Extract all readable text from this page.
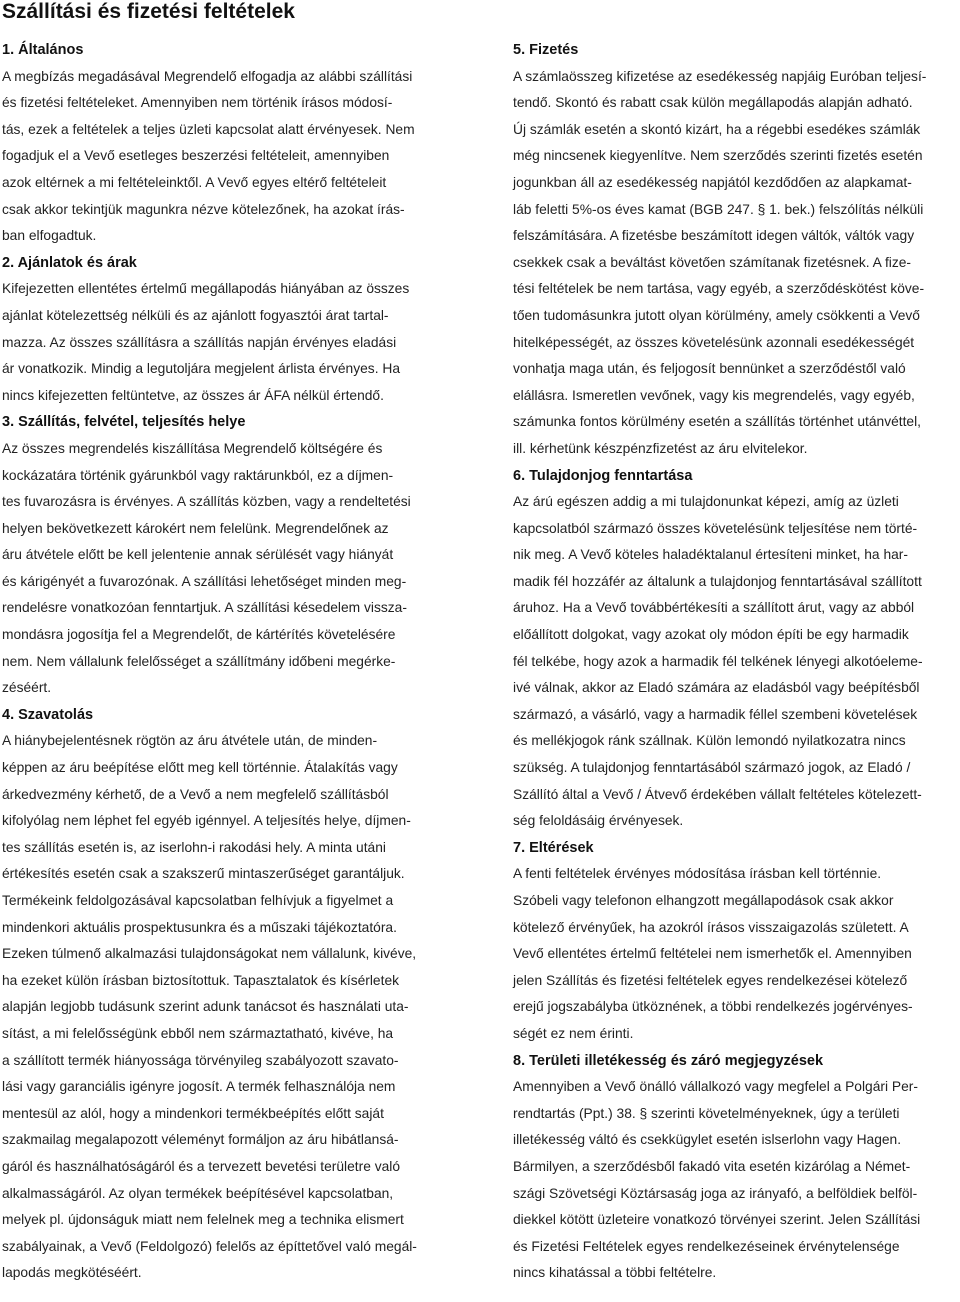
Szállítási és fizetési feltételek
1. Általános

A megbízás megadásával Megrendelő elfogadja az alábbi szállítási
és fizetési feltételeket. Amennyiben nem történik írásos módosí-
tás, ezek a feltételek a teljes üzleti kapcsolat alatt érvényesek. Nem
fogadjuk el a Vevő esetleges beszerzési feltételeit, amennyiben
azok eltérnek a mi feltételeinktől. A Vevő egyes eltérő feltételeit
csak akkor tekintjük magunkra nézve kötelezőnek, ha azokat írás-
ban elfogadtuk.

2. Ajánlatok és árak

Kifejezetten ellentétes értelmű megállapodás hiányában az összes
ajánlat kötelezettség nélküli és az ajánlott fogyasztói árat tartal-
mazza. Az összes szállításra a szállítás napján érvényes eladási
ár vonatkozik. Mindig a legutoljára megjelent árlista érvényes. Ha
nincs kifejezetten feltüntetve, az összes ár ÁFA nélkül értendő.

3. Szállítás, felvétel, teljesítés helye

Az összes megrendelés kiszállítása Megrendelő költségére és
kockázatára történik gyárunkból vagy raktárunkból, ez a díjmen-
tes fuvarozásra is érvényes. A szállítás közben, vagy a rendeltetési
helyen bekövetkezett károkért nem felelünk. Megrendelőnek az
áru átvétele előtt be kell jelentenie annak sérülését vagy hiányát
és kárigényét a fuvarozónak. A szállítási lehetőséget minden meg-
rendelésre vonatkozóan fenntartjuk. A szállítási késedelem vissza-
mondásra jogosítja fel a Megrendelőt, de kártérítés követelésére
nem. Nem vállalunk felelősséget a szállítmány időbeni megérke-
zéséért.

4. Szavatolás

A hiánybejelentésnek rögtön az áru átvétele után, de minden-
képpen az áru beépítése előtt meg kell történnie. Átalakítás vagy
árkedvezmény kérhető, de a Vevő a nem megfelelő szállításból
kifolyólag nem léphet fel egyéb igénnyel. A teljesítés helye, díjmen-
tes szállítás esetén is, az iserlohn-i rakodási hely. A minta utáni
értékesítés esetén csak a szakszerű mintaszerűséget garantáljuk.
Termékeink feldolgozásával kapcsolatban felhívjuk a figyelmet a
mindenkori aktuális prospektusunkra és a műszaki tájékoztatóra.
Ezeken túlmenő alkalmazási tulajdonságokat nem vállalunk, kivéve,
ha ezeket külön írásban biztosítottuk. Tapasztalatok és kísérletek
alapján legjobb tudásunk szerint adunk tanácsot és használati uta-
sítást, a mi felelősségünk ebből nem származtatható, kivéve, ha
a szállított termék hiányossága törvényileg szabályozott szavato-
lási vagy garanciális igényre jogosít. A termék felhasználója nem
mentesül az alól, hogy a mindenkori termékbeépítés előtt saját
szakmailag megalapozott véleményt formáljon az áru hibátlansá-
gáról és használhatóságáról és a tervezett bevetési területre való
alkalmasságáról. Az olyan termékek beépítésével kapcsolatban,
melyek pl. újdonságuk miatt nem felelnek meg a technika elismert
szabályainak, a Vevő (Feldolgozó) felelős az építtetővel való megál-
lapodás megkötéséért.

5. Fizetés

A számlaösszeg kifizetése az esedékesség napjáig Euróban teljesí-
tendő. Skontó és rabatt csak külön megállapodás alapján adható.
Új számlák esetén a skontó kizárt, ha a régebbi esedékes számlák
még nincsenek kiegyenlítve. Nem szerződés szerinti fizetés esetén
jogunkban áll az esedékesség napjától kezdődően az alapkamat-
láb feletti 5%-os éves kamat (BGB 247. § 1. bek.) felszólítás nélküli
felszámítására. A fizetésbe beszámított idegen váltók, váltók vagy
csekkek csak a beváltást követően számítanak fizetésnek. A fize-
tési feltételek be nem tartása, vagy egyéb, a szerződéskötést köve-
tően tudomásunkra jutott olyan körülmény, amely csökkenti a Vevő
hitelképességét, az összes követelésünk azonnali esedékességét
vonhatja maga után, és feljogosít bennünket a szerződéstől való
elállásra. Ismeretlen vevőnek, vagy kis megrendelés, vagy egyéb,
számunka fontos körülmény esetén a szállítás történhet utánvéttel,
ill. kérhetünk készpénzfizetést az áru elvitelekor.

6. Tulajdonjog fenntartása

Az árú egészen addig a mi tulajdonunkat képezi, amíg az üzleti
kapcsolatból származó összes követelésünk teljesítése nem törté-
nik meg. A Vevő köteles haladéktalanul értesíteni minket, ha har-
madik fél hozzáfér az általunk a tulajdonjog fenntartásával szállított
áruhoz. Ha a Vevő továbbértékesíti a szállított árut, vagy az abból
előállított dolgokat, vagy azokat oly módon építi be egy harmadik
fél telkébe, hogy azok a harmadik fél telkének lényegi alkotóeleme-
ivé válnak, akkor az Eladó számára az eladásból vagy beépítésből
származó, a vásárló, vagy a harmadik féllel szembeni követelések
és mellékjogok ránk szállnak. Külön lemondó nyilatkozatra nincs
szükség. A tulajdonjog fenntartásából származó jogok, az Eladó /
Szállító által a Vevő / Átvevő érdekében vállalt feltételes kötelezett-
ség feloldásáig érvényesek.

7. Eltérések

A fenti feltételek érvényes módosítása írásban kell történnie.
Szóbeli vagy telefonon elhangzott megállapodások csak akkor
kötelező érvényűek, ha azokról írásos visszaigazolás született. A
Vevő ellentétes értelmű feltételei nem ismerhetők el. Amennyiben
jelen Szállítás és fizetési feltételek egyes rendelkezései kötelező
erejű jogszabályba ütköznének, a többi rendelkezés jogérvényes-
ségét ez nem érinti.

8. Területi illetékesség és záró megjegyzések

Amennyiben a Vevő önálló vállalkozó vagy megfelel a Polgári Per-
rendtartás (Ppt.) 38. § szerinti követelményeknek, úgy a területi
illetékesség váltó és csekkügylet esetén islserlohn vagy Hagen.
Bármilyen, a szerződésből fakadó vita esetén kizárólag a Német-
szági Szövetségi Köztársaság joga az irányafó, a belföldiek belföl-
diekkel kötött üzleteire vonatkozó törvényei szerint. Jelen Szállítási
és Fizetési Feltételek egyes rendelkezéseinek érvénytelensége
nincs kihatással a többi feltételre.
